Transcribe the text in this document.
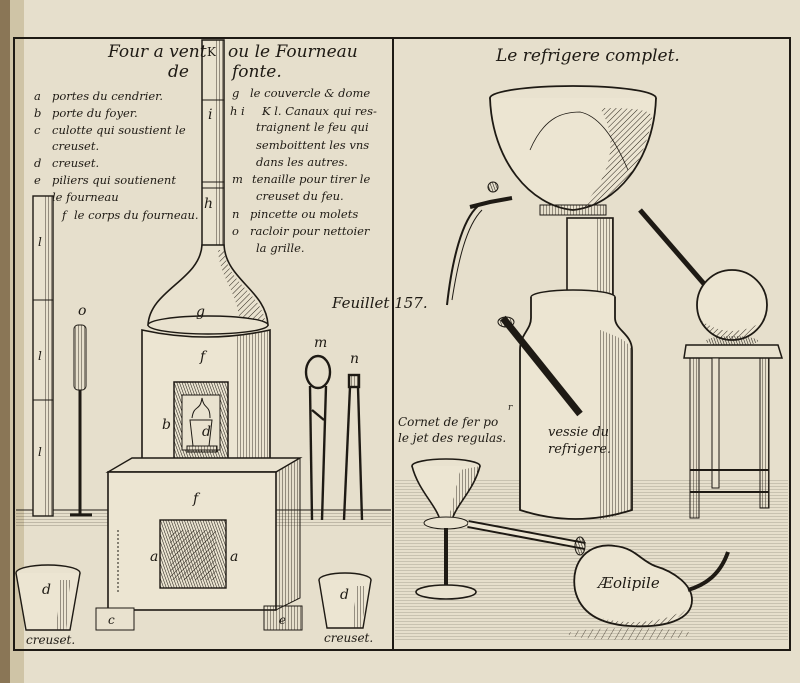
Four a vent K ou le Fourneau
de	fonte.
a portes du cendrier.
b porte du foyer.
c culotte qui soustient le
creuset.
d creuset.
e piliers qui soutienent
le fourneau
f le corps du fourneau.
g le couvercle & dome
h i K l. Canaux qui res-
traignent le feu qui
semboittent les vns
dans les autres.
m tenaille pour tirer le
creuset du feu.
n pincette ou molets
o racloir pour nettoier
la grille.
Feuillet 157.
i
h
g
f
b d
f
a	a
c	e
l
l
l
o
m
n
d	d
creuset.	creuset.
Le refrigere complet.
vessie du
refrigere.
Cornet de fer po
r
le jet des regulas.
Æolipile
